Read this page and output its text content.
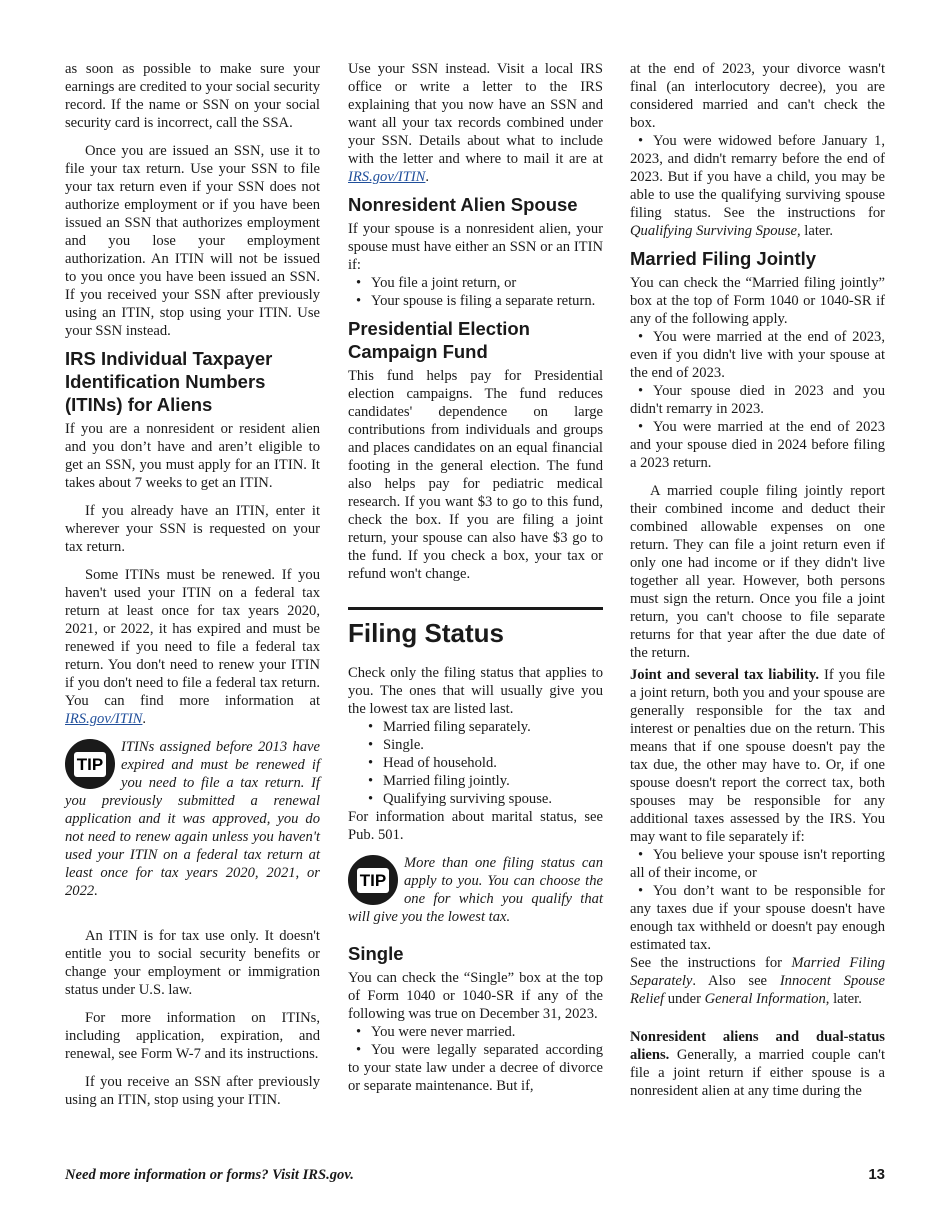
as soon as possible to make sure your earnings are credited to your social security record. If the name or SSN on your social security card is incorrect, call the SSA.

Once you are issued an SSN, use it to file your tax return. Use your SSN to file your tax return even if your SSN does not authorize employment or if you have been issued an SSN that authorizes employment and you lose your employment authorization. An ITIN will not be issued to you once you have been issued an SSN. If you received your SSN after previously using an ITIN, stop using your ITIN. Use your SSN instead.

IRS Individual Taxpayer Identification Numbers (ITINs) for Aliens

If you are a nonresident or resident alien and you don’t have and aren’t eligible to get an SSN, you must apply for an ITIN. It takes about 7 weeks to get an ITIN.

If you already have an ITIN, enter it wherever your SSN is requested on your tax return.

Some ITINs must be renewed. If you haven't used your ITIN on a federal tax return at least once for tax years 2020, 2021, or 2022, it has expired and must be renewed if you need to file a federal tax return. You don't need to renew your ITIN if you don't need to file a federal tax return. You can find more information at IRS.gov/ITIN.

TIP
ITINs assigned before 2013 have expired and must be renewed if you need to file a tax return. If you previously submitted a renewal application and it was approved, you do not need to renew again unless you haven't used your ITIN on a federal tax return at least once for tax years 2020, 2021, or 2022.

An ITIN is for tax use only. It doesn't entitle you to social security benefits or change your employment or immigration status under U.S. law.

For more information on ITINs, including application, expiration, and renewal, see Form W-7 and its instructions.

If you receive an SSN after previously using an ITIN, stop using your ITIN.

Use your SSN instead. Visit a local IRS office or write a letter to the IRS explaining that you now have an SSN and want all your tax records combined under your SSN. Details about what to include with the letter and where to mail it are at IRS.gov/ITIN.

Nonresident Alien Spouse

If your spouse is a nonresident alien, your spouse must have either an SSN or an ITIN if:

• You file a joint return, or

• Your spouse is filing a separate return.

Presidential Election Campaign Fund

This fund helps pay for Presidential election campaigns. The fund reduces candidates' dependence on large contributions from individuals and groups and places candidates on an equal financial footing in the general election. The fund also helps pay for pediatric medical research. If you want $3 to go to this fund, check the box. If you are filing a joint return, your spouse can also have $3 go to the fund. If you check a box, your tax or refund won't change.

Filing Status

Check only the filing status that applies to you. The ones that will usually give you the lowest tax are listed last.

• Married filing separately.
• Single.
• Head of household.
• Married filing jointly.
• Qualifying surviving spouse.

For information about marital status, see Pub. 501.

TIP
More than one filing status can apply to you. You can choose the one for which you qualify that will give you the lowest tax.
Single

You can check the “Single” box at the top of Form 1040 or 1040-SR if any of the following was true on December 31, 2023.

• You were never married.

• You were legally separated according to your state law under a decree of divorce or separate maintenance. But if,

at the end of 2023, your divorce wasn't final (an interlocutory decree), you are considered married and can't check the box.

• You were widowed before January 1, 2023, and didn't remarry before the end of 2023. But if you have a child, you may be able to use the qualifying surviving spouse filing status. See the instructions for Qualifying Surviving Spouse, later.

Married Filing Jointly

You can check the “Married filing jointly” box at the top of Form 1040 or 1040-SR if any of the following apply.

• You were married at the end of 2023, even if you didn't live with your spouse at the end of 2023.

• Your spouse died in 2023 and you didn't remarry in 2023.

• You were married at the end of 2023 and your spouse died in 2024 before filing a 2023 return.

A married couple filing jointly report their combined income and deduct their combined allowable expenses on one return. They can file a joint return even if only one had income or if they didn't live together all year. However, both persons must sign the return. Once you file a joint return, you can't choose to file separate returns for that year after the due date of the return.

Joint and several tax liability. If you file a joint return, both you and your spouse are generally responsible for the tax and interest or penalties due on the return. This means that if one spouse doesn't pay the tax due, the other may have to. Or, if one spouse doesn't report the correct tax, both spouses may be responsible for any additional taxes assessed by the IRS. You may want to file separately if:

• You believe your spouse isn't reporting all of their income, or

• You don’t want to be responsible for any taxes due if your spouse doesn't have enough tax withheld or doesn't pay enough estimated tax.

See the instructions for Married Filing Separately. Also see Innocent Spouse Relief under General Information, later.

Nonresident aliens and dual-status aliens. Generally, a married couple can't file a joint return if either spouse is a nonresident alien at any time during the

Need more information or forms? Visit IRS.gov.	13
